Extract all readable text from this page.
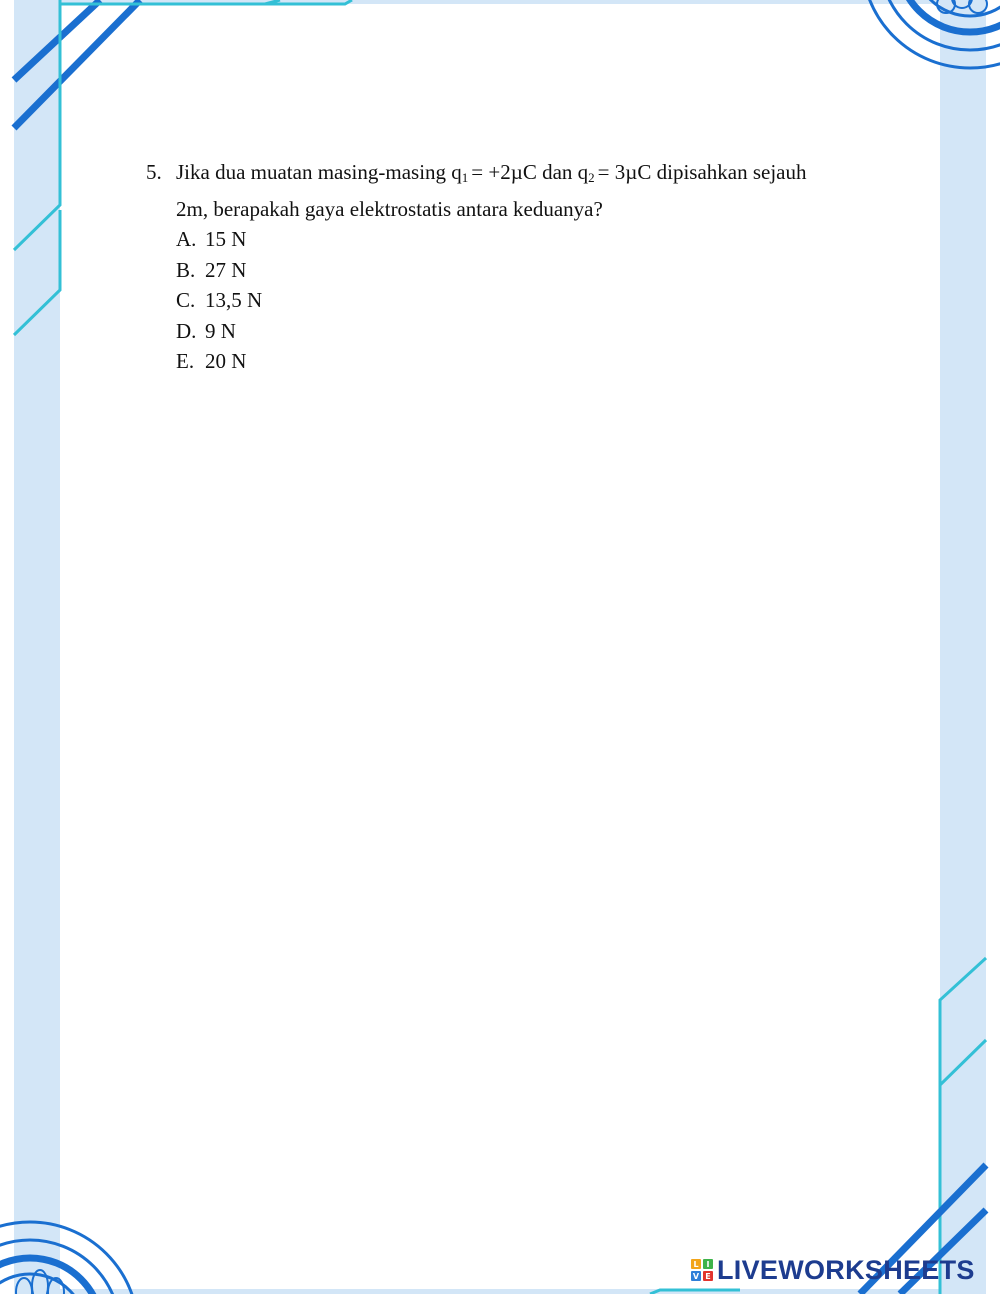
5. Jika dua muatan masing-masing $q_1 = +2\mu C$ dan $q_2 = 3\mu C$ dipisahkan sejauh
2m, berapakah gaya elektrostatis antara keduanya?
A. 15 N
B. 27 N
C. 13,5 N
D. 9 N
E. 20 N
L I
V E LIVEWORKSHEETS
